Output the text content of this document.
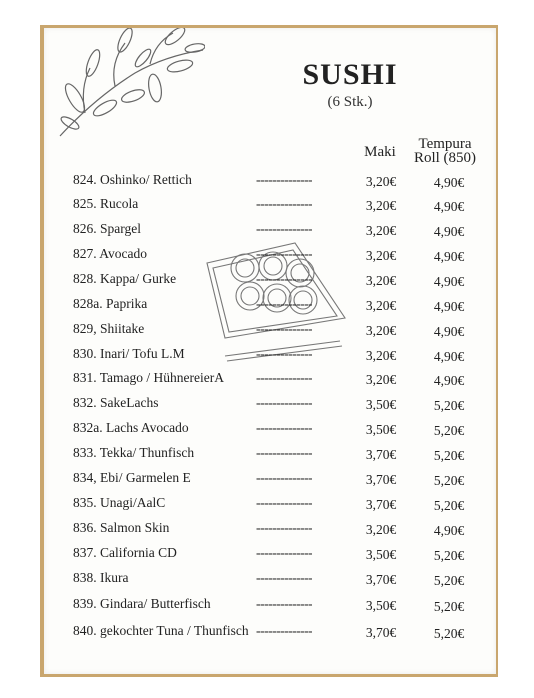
SUSHI
(6 Stk.)
Maki	Tempura
Roll (850)
824. Oshinko/ Rettich	--------------	3,20€	4,90€
825. Rucola	--------------	3,20€	4,90€
826. Spargel	--------------	3,20€	4,90€
827. Avocado	--------------	3,20€	4,90€
828. Kappa/ Gurke	--------------	3,20€	4,90€
828a. Paprika	--------------	3,20€	4,90€
829, Shiitake	--------------	3,20€	4,90€
830. Inari/ Tofu L.M	--------------	3,20€	4,90€
831. Tamago / HühnereierA --------------	3,20€	4,90€
832. SakeLachs	--------------	3,50€	5,20€
832a. Lachs Avocado	--------------	3,50€	5,20€
833. Tekka/ Thunfisch	--------------	3,70€	5,20€
834, Ebi/ Garmelen E	--------------	3,70€	5,20€
835. Unagi/AalC	--------------	3,70€	5,20€
836. Salmon Skin	--------------	3,20€	4,90€
837. California CD	--------------	3,50€	5,20€
838. Ikura	--------------	3,70€	5,20€
839. Gindara/ Butterfisch	--------------	3,50€	5,20€
840. gekochter Tuna / Thunfisch --------------	3,70€	5,20€
